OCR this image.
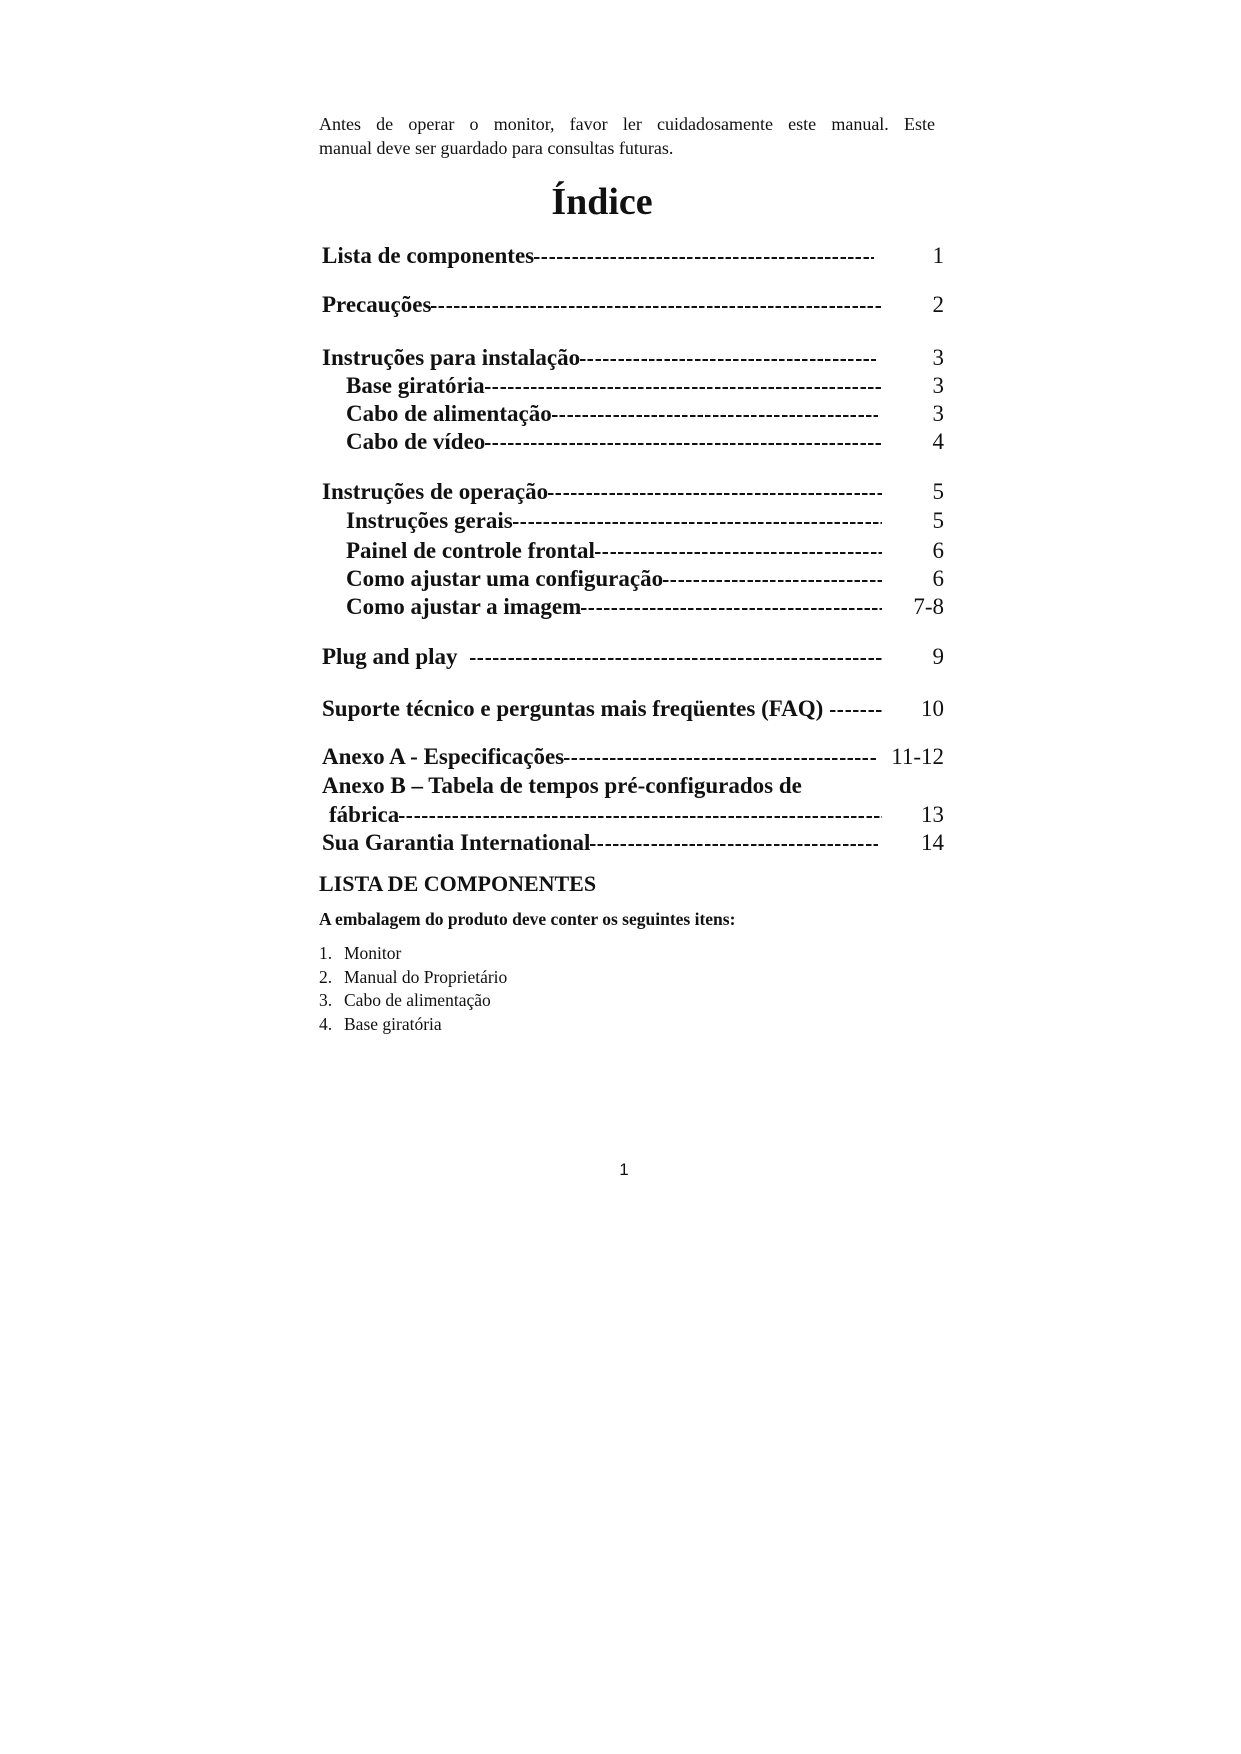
Antes de operar o monitor, favor ler cuidadosamente este manual. Este
manual deve ser guardado para consultas futuras.

Índice
Lista de componentes	1
Precauções	2
Instruções para instalação	3
Base giratória	3
Cabo de alimentação	3
Cabo de vídeo	4
Instruções de operação	5
Instruções gerais	5
Painel de controle frontal	6
Como ajustar uma configuração	6
Como ajustar a imagem	7-8
Plug and play	9
Suporte técnico e perguntas mais freqüentes (FAQ)	10
Anexo A - Especificações	11-12
Anexo B – Tabela de tempos pré-configurados de
fábrica	13
Sua Garantia International	14
LISTA DE COMPONENTES
A embalagem do produto deve conter os seguintes itens:
1. Monitor
2. Manual do Proprietário
3. Cabo de alimentação
4. Base giratória
1
